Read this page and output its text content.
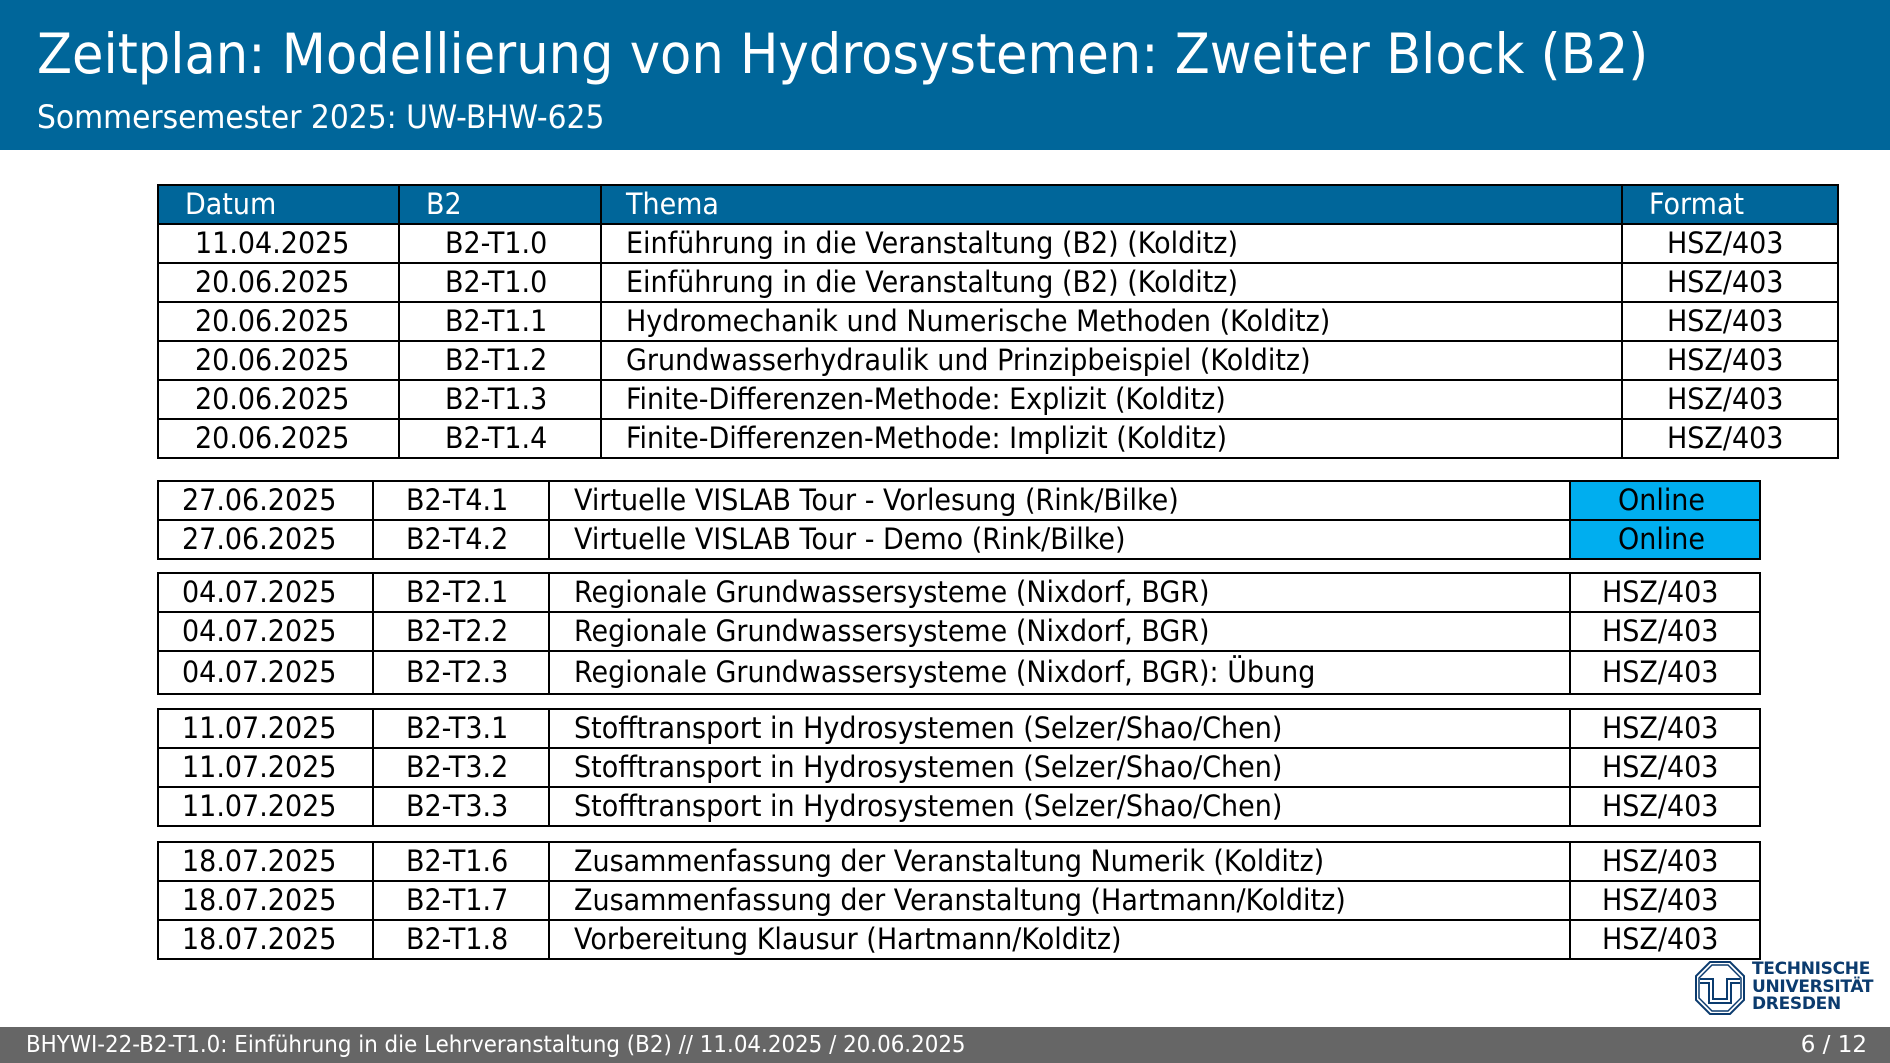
Zeitplan: Modellierung von Hydrosystemen: Zweiter Block (B2)
Sommersemester 2025: UW-BHW-625
Datum	B2	Thema	Format
11.04.2025	B2-T1.0	Einführung in die Veranstaltung (B2) (Kolditz)	HSZ/403
20.06.2025	B2-T1.0	Einführung in die Veranstaltung (B2) (Kolditz)	HSZ/403
20.06.2025	B2-T1.1	Hydromechanik und Numerische Methoden (Kolditz)	HSZ/403
20.06.2025	B2-T1.2	Grundwasserhydraulik und Prinzipbeispiel (Kolditz)	HSZ/403
20.06.2025	B2-T1.3	Finite-Differenzen-Methode: Explizit (Kolditz)	HSZ/403
20.06.2025	B2-T1.4	Finite-Differenzen-Methode: Implizit (Kolditz)	HSZ/403
27.06.2025	B2-T4.1	Virtuelle VISLAB Tour - Vorlesung (Rink/Bilke)	Online
27.06.2025	B2-T4.2	Virtuelle VISLAB Tour - Demo (Rink/Bilke)	Online
04.07.2025	B2-T2.1	Regionale Grundwassersysteme (Nixdorf, BGR)	HSZ/403
04.07.2025	B2-T2.2	Regionale Grundwassersysteme (Nixdorf, BGR)	HSZ/403
04.07.2025	B2-T2.3	Regionale Grundwassersysteme (Nixdorf, BGR): Übung	HSZ/403
11.07.2025	B2-T3.1	Stofftransport in Hydrosystemen (Selzer/Shao/Chen)	HSZ/403
11.07.2025	B2-T3.2	Stofftransport in Hydrosystemen (Selzer/Shao/Chen)	HSZ/403
11.07.2025	B2-T3.3	Stofftransport in Hydrosystemen (Selzer/Shao/Chen)	HSZ/403
18.07.2025	B2-T1.6	Zusammenfassung der Veranstaltung Numerik (Kolditz)	HSZ/403
18.07.2025	B2-T1.7	Zusammenfassung der Veranstaltung (Hartmann/Kolditz)	HSZ/403
18.07.2025	B2-T1.8	Vorbereitung Klausur (Hartmann/Kolditz)	HSZ/403
TECHNISCHE
UNIVERSITÄT
DRESDEN
BHYWI-22-B2-T1.0: Einführung in die Lehrveranstaltung (B2) // 11.04.2025 / 20.06.2025	6 / 12
